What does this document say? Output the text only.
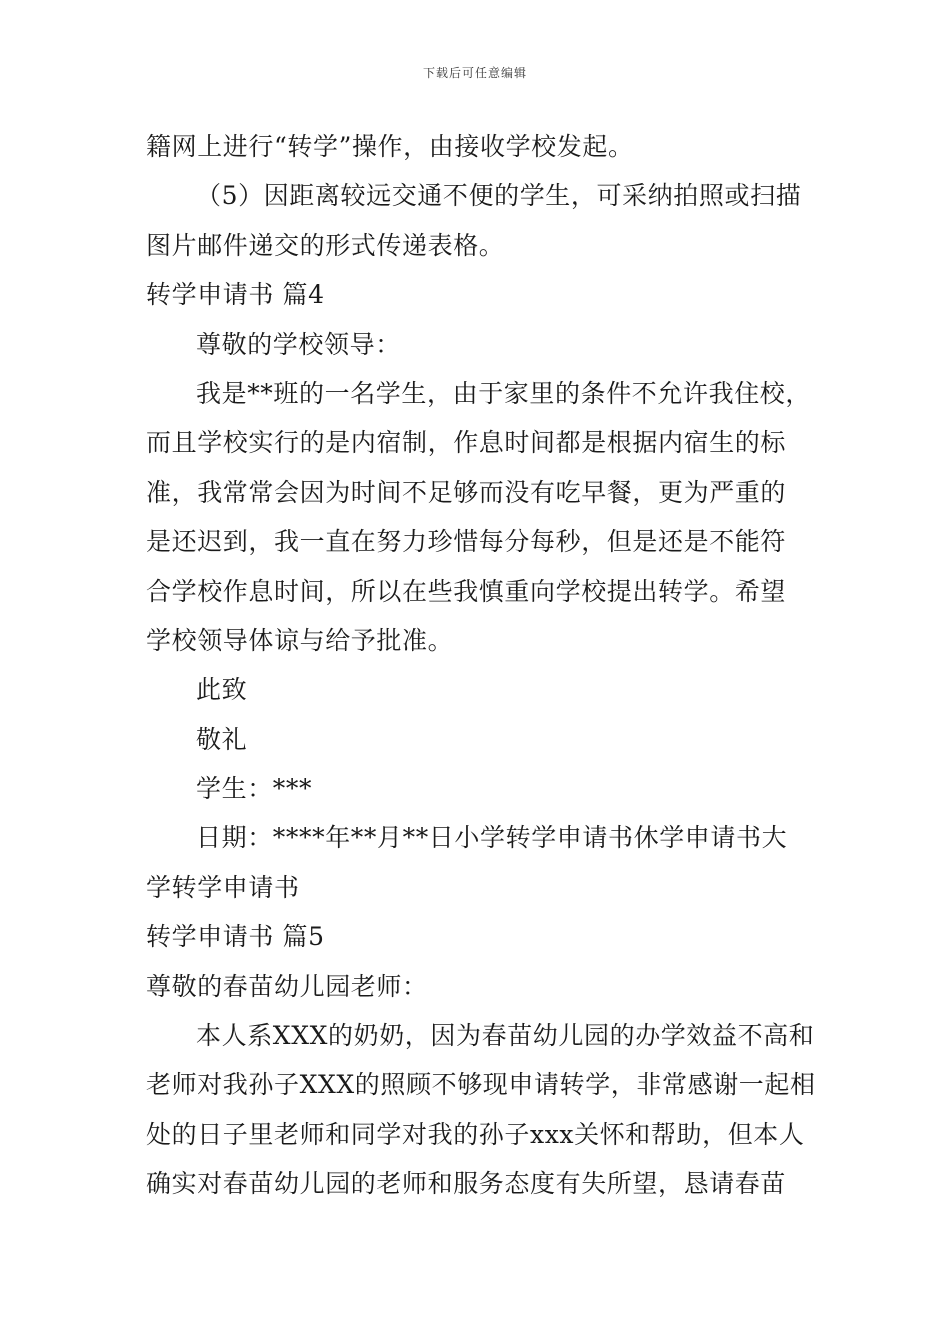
下载后可任意编辑
籍网上进行“转学”操作，由接收学校发起。
（5）因距离较远交通不便的学生，可采纳拍照或扫描
图片邮件递交的形式传递表格。
转学申请书 篇4
尊敬的学校领导：
我是**班的一名学生，由于家里的条件不允许我住校，
而且学校实行的是内宿制，作息时间都是根据内宿生的标
准，我常常会因为时间不足够而没有吃早餐，更为严重的
是还迟到，我一直在努力珍惜每分每秒，但是还是不能符
合学校作息时间，所以在些我慎重向学校提出转学。希望
学校领导体谅与给予批准。
此致
敬礼
学生：***
日期：****年**月**日小学转学申请书休学申请书大
学转学申请书
转学申请书 篇5
尊敬的春苗幼儿园老师：
本人系XXX的奶奶，因为春苗幼儿园的办学效益不高和
老师对我孙子XXX的照顾不够现申请转学，非常感谢一起相
处的日子里老师和同学对我的孙子xxx关怀和帮助，但本人
确实对春苗幼儿园的老师和服务态度有失所望，恳请春苗
